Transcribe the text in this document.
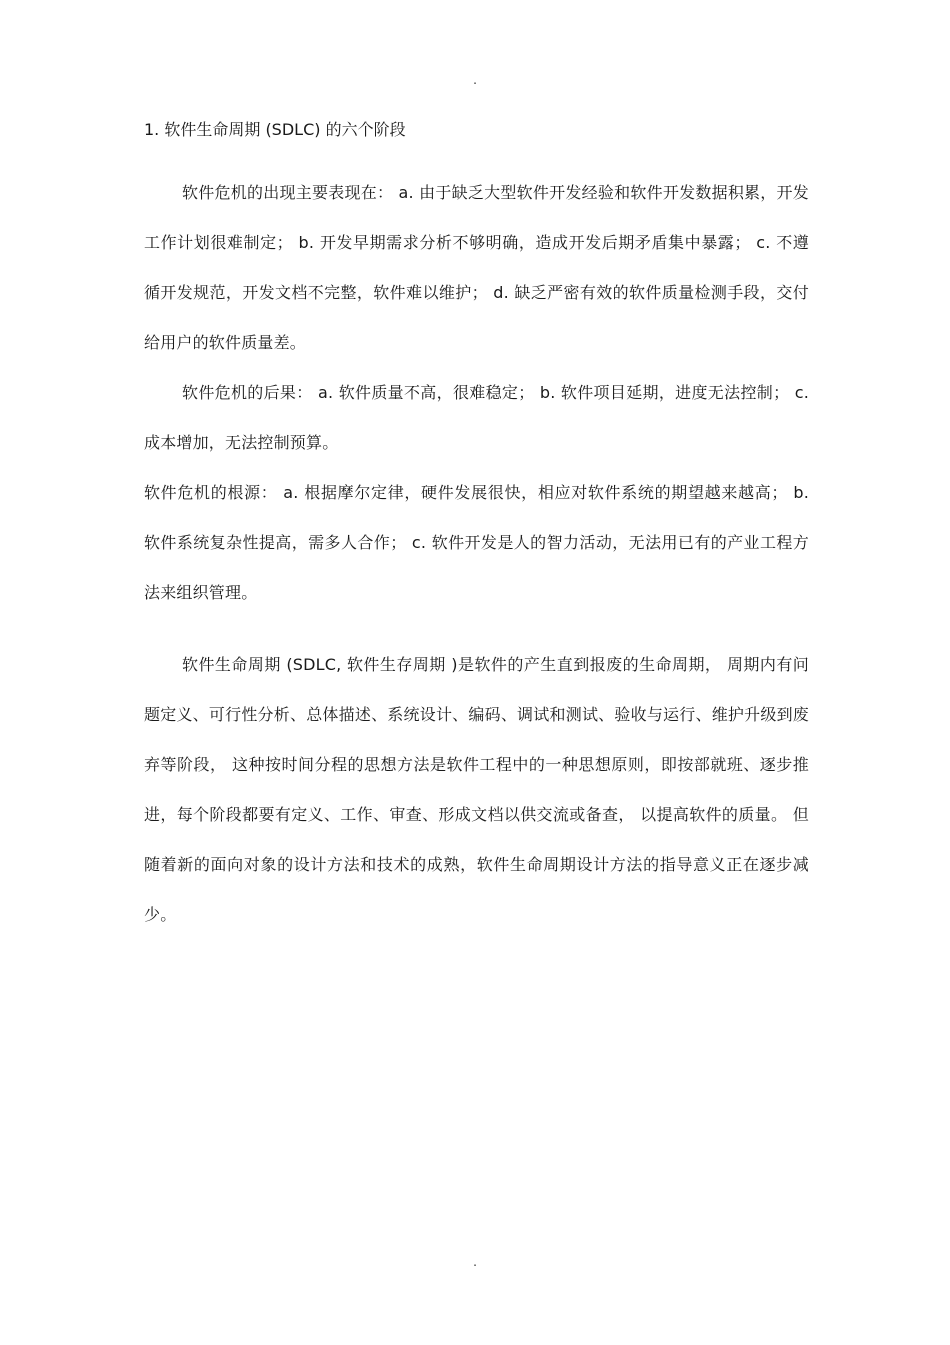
.
1. 软件生命周期 (SDLC) 的六个阶段

软件危机的出现主要表现在： a. 由于缺乏大型软件开发经验和软件开发数据积累，开发工作计划很难制定； b. 开发早期需求分析不够明确，造成开发后期矛盾集中暴露； c. 不遵循开发规范，开发文档不完整，软件难以维护； d. 缺乏严密有效的软件质量检测手段，交付给用户的软件质量差。

软件危机的后果： a. 软件质量不高，很难稳定； b. 软件项目延期，进度无法控制； c. 成本增加，无法控制预算。

软件危机的根源： a. 根据摩尔定律，硬件发展很快，相应对软件系统的期望越来越高； b. 软件系统复杂性提高，需多人合作； c. 软件开发是人的智力活动，无法用已有的产业工程方法来组织管理。

软件生命周期 (SDLC, 软件生存周期 )是软件的产生直到报废的生命周期， 周期内有问题定义、可行性分析、总体描述、系统设计、编码、调试和测试、验收与运行、维护升级到废弃等阶段， 这种按时间分程的思想方法是软件工程中的一种思想原则，即按部就班、逐步推进，每个阶段都要有定义、工作、审查、形成文档以供交流或备查， 以提高软件的质量。 但随着新的面向对象的设计方法和技术的成熟，软件生命周期设计方法的指导意义正在逐步减少。

.
